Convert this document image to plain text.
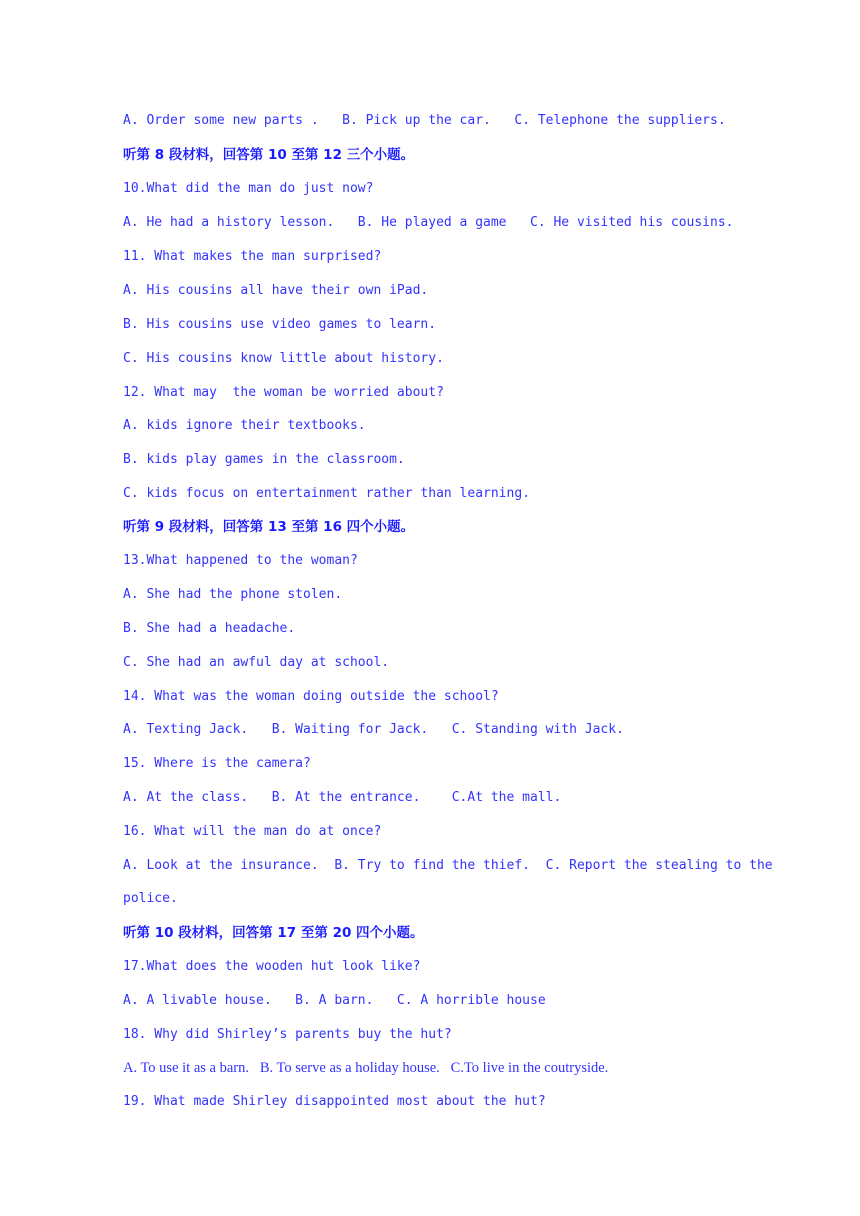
A. Order some new parts .   B. Pick up the car.   C. Telephone the suppliers.
听第 8 段材料，回答第 10 至第 12 三个小题。
10.What did the man do just now?
A. He had a history lesson.   B. He played a game   C. He visited his cousins.
11. What makes the man surprised?
A. His cousins all have their own iPad.
B. His cousins use video games to learn.
C. His cousins know little about history.
12. What may  the woman be worried about?
A. kids ignore their textbooks.
B. kids play games in the classroom.
C. kids focus on entertainment rather than learning.
听第 9 段材料，回答第 13 至第 16 四个小题。
13.What happened to the woman?
A. She had the phone stolen.
B. She had a headache.
C. She had an awful day at school.
14. What was the woman doing outside the school?
A. Texting Jack.   B. Waiting for Jack.   C. Standing with Jack.
15. Where is the camera?
A. At the class.   B. At the entrance.    C.At the mall.
16. What will the man do at once?
A. Look at the insurance.  B. Try to find the thief.  C. Report the stealing to the
police.
听第 10 段材料，回答第 17 至第 20 四个小题。
17.What does the wooden hut look like?
A. A livable house.   B. A barn.   C. A horrible house
18. Why did Shirley’s parents buy the hut?
A. To use it as a barn.   B. To serve as a holiday house.   C.To live in the coutryside.
19. What made Shirley disappointed most about the hut?
